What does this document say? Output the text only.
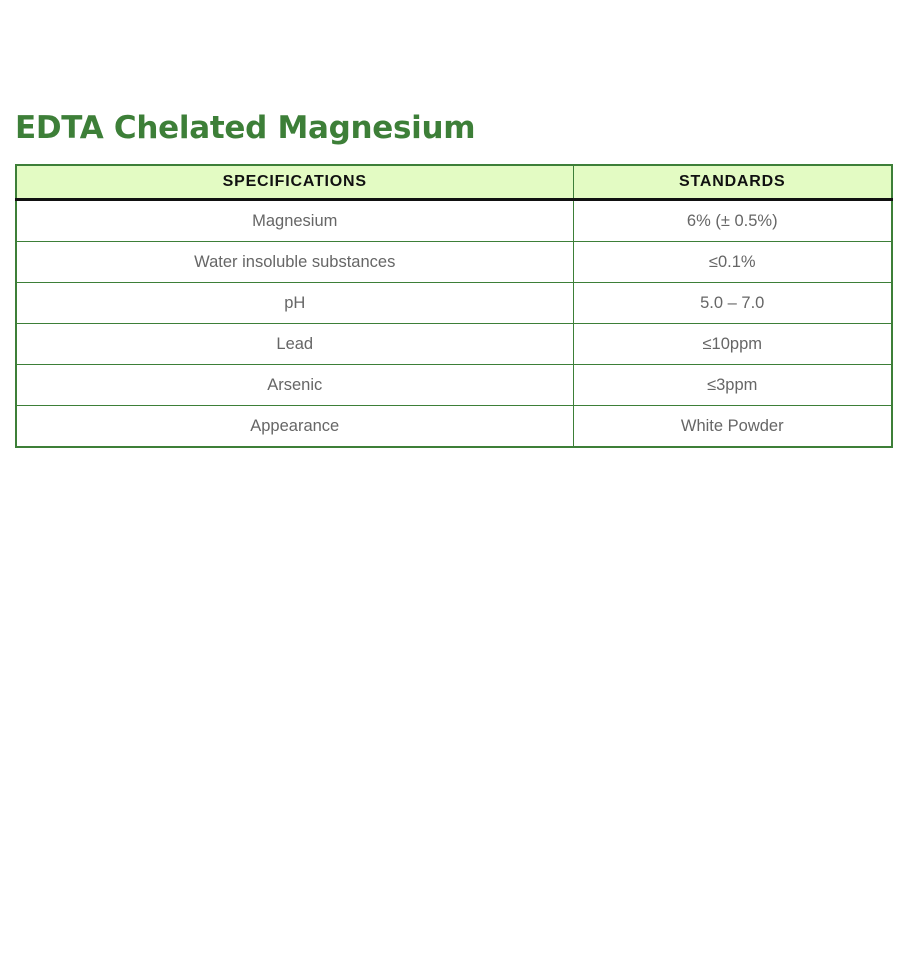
EDTA Chelated Magnesium
SPECIFICATIONS	STANDARDS
Magnesium	6% (± 0.5%)
Water insoluble substances	≤0.1%
pH	5.0 – 7.0
Lead	≤10ppm
Arsenic	≤3ppm
Appearance	White Powder
